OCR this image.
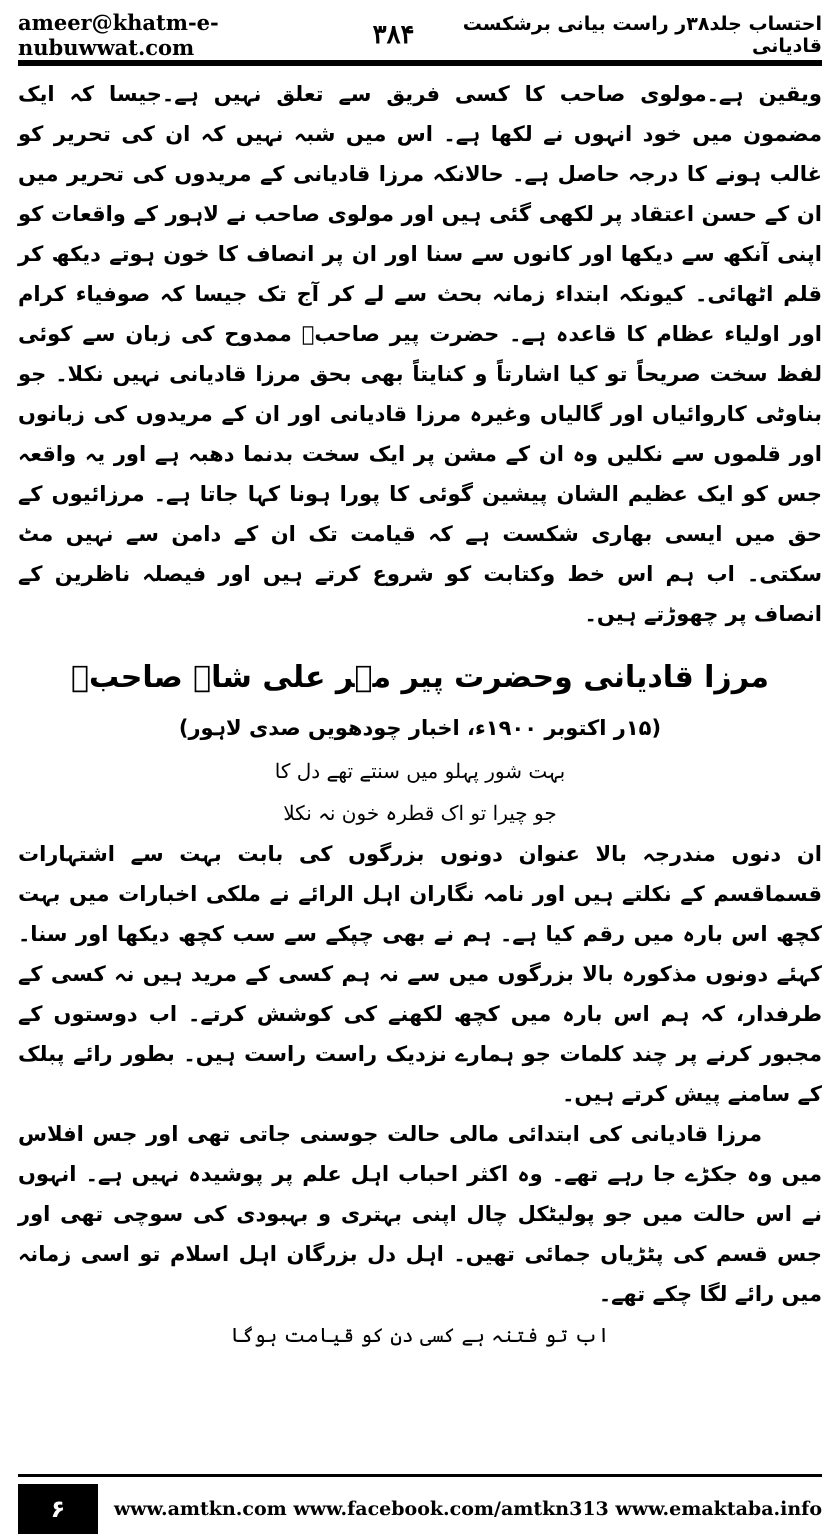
ameer@khatm-e-nubuwwat.com	۳۸۴	احتساب جلد۳۸ر راست بیانی برشکست قادیانی

ویقین ہے۔مولوی صاحب کا کسی فریق سے تعلق نہیں ہے۔جیسا کہ ایک مضمون میں خود انہوں نے لکھا ہے۔ اس میں شبہ نہیں کہ ان کی تحریر کو غالب ہونے کا درجہ حاصل ہے۔ حالانکہ مرزا قادیانی کے مریدوں کی تحریر میں ان کے حسن اعتقاد پر لکھی گئی ہیں اور مولوی صاحب نے لاہور کے واقعات کو اپنی آنکھ سے دیکھا اور کانوں سے سنا اور ان پر انصاف کا خون ہوتے دیکھ کر قلم اٹھائی۔ کیونکہ ابتداء زمانہ بحث سے لے کر آج تک جیسا کہ صوفیاء کرام اور اولیاء عظام کا قاعدہ ہے۔ حضرت پیر صاحبؒ ممدوح کی زبان سے کوئی لفظ سخت صریحاً تو کیا اشارتاً و کنایتاً بھی بحق مرزا قادیانی نہیں نکلا۔ جو بناوٹی کاروائیاں اور گالیاں وغیرہ مرزا قادیانی اور ان کے مریدوں کی زبانوں اور قلموں سے نکلیں وہ ان کے مشن پر ایک سخت بدنما دھبہ ہے اور یہ واقعہ جس کو ایک عظیم الشان پیشین گوئی کا پورا ہونا کہا جاتا ہے۔ مرزائیوں کے حق میں ایسی بھاری شکست ہے کہ قیامت تک ان کے دامن سے نہیں مٹ سکتی۔ اب ہم اس خط وکتابت کو شروع کرتے ہیں اور فیصلہ ناظرین کے انصاف پر چھوڑتے ہیں۔

مرزا قادیانی وحضرت پیر مہر علی شاہ صاحبؒ
(۱۵ر اکتوبر ۱۹۰۰ء، اخبار چودھویں صدی لاہور)
بہت شور پہلو میں سنتے تھے دل کا
جو چیرا تو اک قطرہ خون نہ نکلا

ان دنوں مندرجہ بالا عنوان دونوں بزرگوں کی بابت بہت سے اشتہارات قسماقسم کے نکلتے ہیں اور نامہ نگاران اہل الرائے نے ملکی اخبارات میں بہت کچھ اس بارہ میں رقم کیا ہے۔ ہم نے بھی چپکے سے سب کچھ دیکھا اور سنا۔ کہئے دونوں مذکورہ بالا بزرگوں میں سے نہ ہم کسی کے مرید ہیں نہ کسی کے طرفدار، کہ ہم اس بارہ میں کچھ لکھنے کی کوشش کرتے۔ اب دوستوں کے مجبور کرنے پر چند کلمات جو ہمارے نزدیک راست راست ہیں۔ بطور رائے پبلک کے سامنے پیش کرتے ہیں۔

مرزا قادیانی کی ابتدائی مالی حالت جوسنی جاتی تھی اور جس افلاس میں وہ جکڑے جا رہے تھے۔ وہ اکثر احباب اہل علم پر پوشیدہ نہیں ہے۔ انہوں نے اس حالت میں جو پولیٹکل چال اپنی بہتری و بہبودی کی سوچی تھی اور جس قسم کی پٹڑیاں جمائی تھیں۔ اہل دل بزرگان اہل اسلام تو اسی زمانہ میں رائے لگا چکے تھے۔

اب تو فتنہ ہے کسی دن کو قیامت ہوگا
۶	www.amtkn.com www.facebook.com/amtkn313 www.emaktaba.info
